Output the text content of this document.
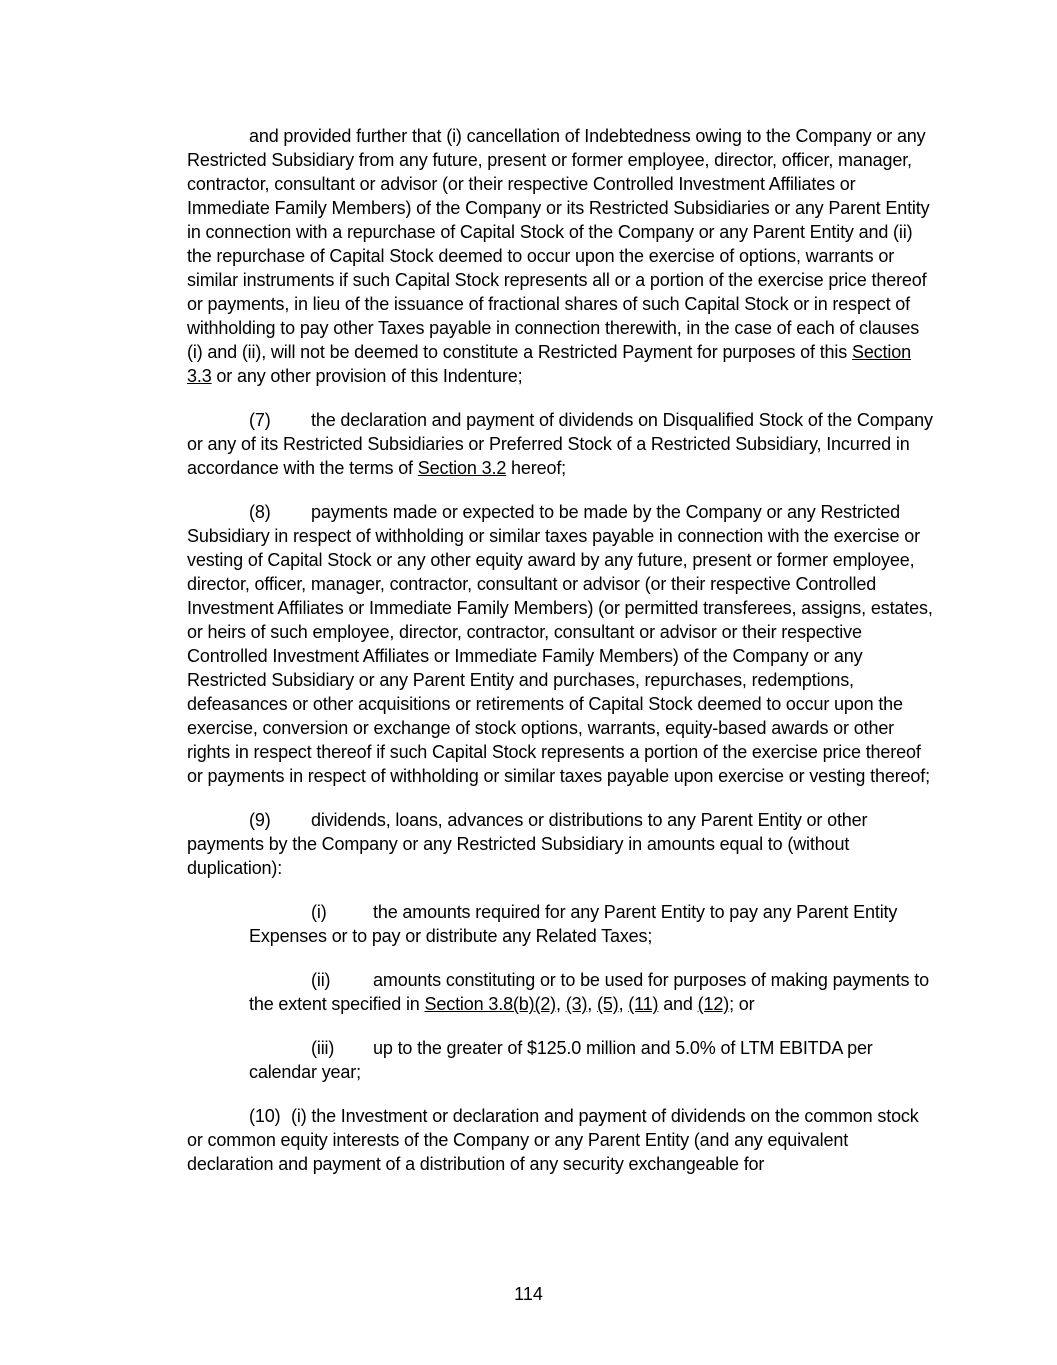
and provided further that (i) cancellation of Indebtedness owing to the Company or any Restricted Subsidiary from any future, present or former employee, director, officer, manager, contractor, consultant or advisor (or their respective Controlled Investment Affiliates or Immediate Family Members) of the Company or its Restricted Subsidiaries or any Parent Entity in connection with a repurchase of Capital Stock of the Company or any Parent Entity and (ii) the repurchase of Capital Stock deemed to occur upon the exercise of options, warrants or similar instruments if such Capital Stock represents all or a portion of the exercise price thereof or payments, in lieu of the issuance of fractional shares of such Capital Stock or in respect of withholding to pay other Taxes payable in connection therewith, in the case of each of clauses (i) and (ii), will not be deemed to constitute a Restricted Payment for purposes of this Section 3.3 or any other provision of this Indenture;

(7) the declaration and payment of dividends on Disqualified Stock of the Company or any of its Restricted Subsidiaries or Preferred Stock of a Restricted Subsidiary, Incurred in accordance with the terms of Section 3.2 hereof;

(8) payments made or expected to be made by the Company or any Restricted Subsidiary in respect of withholding or similar taxes payable in connection with the exercise or vesting of Capital Stock or any other equity award by any future, present or former employee, director, officer, manager, contractor, consultant or advisor (or their respective Controlled Investment Affiliates or Immediate Family Members) (or permitted transferees, assigns, estates, or heirs of such employee, director, contractor, consultant or advisor or their respective Controlled Investment Affiliates or Immediate Family Members) of the Company or any Restricted Subsidiary or any Parent Entity and purchases, repurchases, redemptions, defeasances or other acquisitions or retirements of Capital Stock deemed to occur upon the exercise, conversion or exchange of stock options, warrants, equity-based awards or other rights in respect thereof if such Capital Stock represents a portion of the exercise price thereof or payments in respect of withholding or similar taxes payable upon exercise or vesting thereof;

(9) dividends, loans, advances or distributions to any Parent Entity or other payments by the Company or any Restricted Subsidiary in amounts equal to (without duplication):

(i)	the amounts required for any Parent Entity to pay any Parent Entity Expenses or to pay or distribute any Related Taxes;

(ii) amounts constituting or to be used for purposes of making payments to the extent specified in Section 3.8(b)(2), (3), (5), (11) and (12); or

(iii) up to the greater of $125.0 million and 5.0% of LTM EBITDA per calendar year;

(10) (i) the Investment or declaration and payment of dividends on the common stock or common equity interests of the Company or any Parent Entity (and any equivalent declaration and payment of a distribution of any security exchangeable for

114
